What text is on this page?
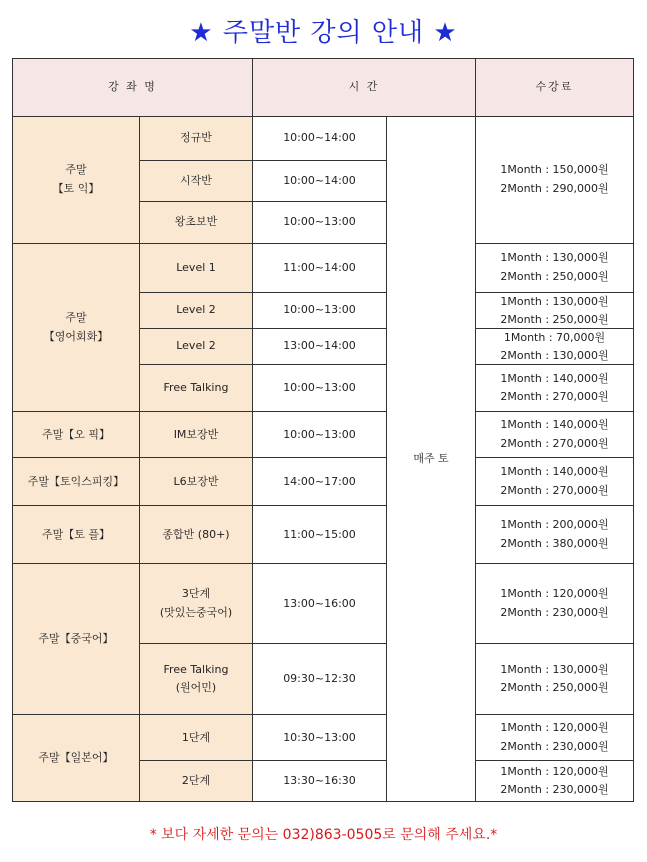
★ 주말반 강의 안내 ★
강 좌 명		시 간		수강료
주말
【토 익】	정규반	10:00~14:00	매주 토	1Month : 150,000원
2Month : 290,000원
	시작반	10:00~14:00		
	왕초보반	10:00~13:00		
주말
【영어회화】	Level 1	11:00~14:00		1Month : 130,000원
2Month : 250,000원
	Level 2	10:00~13:00		1Month : 130,000원
2Month : 250,000원
	Level 2	13:00~14:00		1Month : 70,000원
2Month : 130,000원
	Free Talking	10:00~13:00		1Month : 140,000원
2Month : 270,000원
주말【오 픽】	IM보장반	10:00~13:00		1Month : 140,000원
2Month : 270,000원
주말【토익스피킹】	L6보장반	14:00~17:00		1Month : 140,000원
2Month : 270,000원
주말【토 플】	종합반 (80+)	11:00~15:00		1Month : 200,000원
2Month : 380,000원
주말【중국어】	3단계
(맛있는중국어)	13:00~16:00		1Month : 120,000원
2Month : 230,000원
	Free Talking
(원어민)	09:30~12:30		1Month : 130,000원
2Month : 250,000원
주말【일본어】	1단계	10:30~13:00		1Month : 120,000원
2Month : 230,000원
	2단계	13:30~16:30		1Month : 120,000원
2Month : 230,000원
* 보다 자세한 문의는 032)863-0505로 문의해 주세요.*
